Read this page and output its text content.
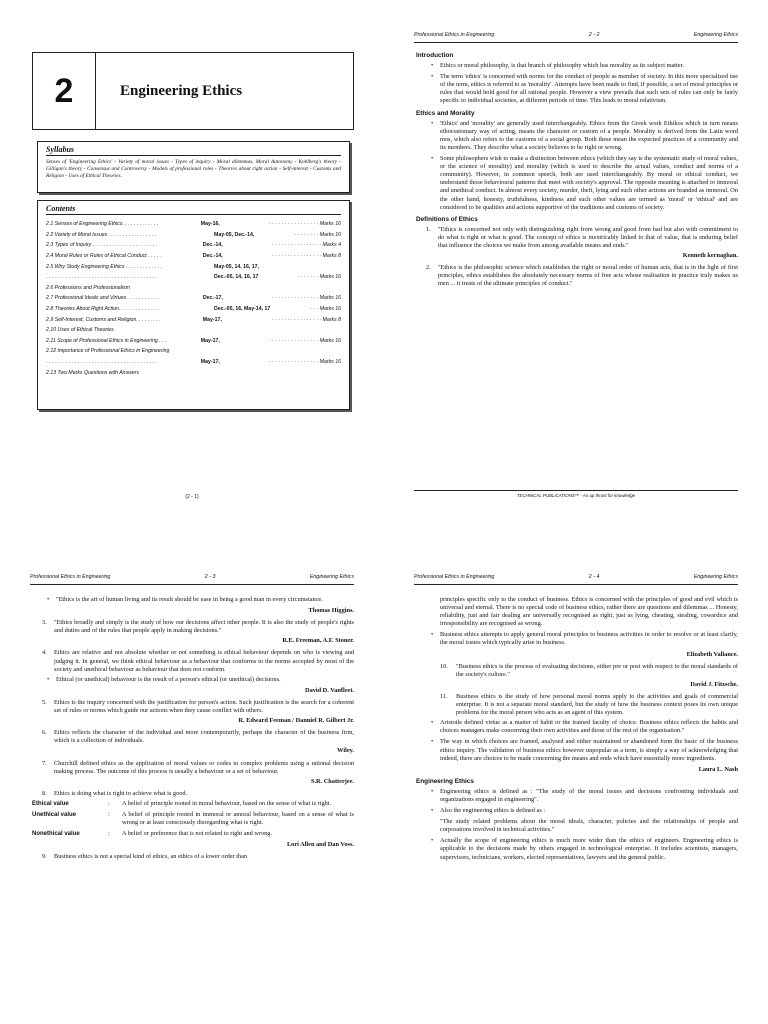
2	Engineering Ethics
Syllabus
Senses of 'Engineering Ethics' - Variety of moral issues - Types of inquiry - Moral dilemmas, Moral Autonomy - Kohlberg's theory - Gilligan's theory - Consensus and Controversy - Models of professional roles - Theories about right action - Self-interest - Customs and Religion - Uses of Ethical Theories.
Contents
2.1 Senses of Engineering Ethics. . . . . . . . . . . . .	May-16,	· · · · · · · · · · · · · · · · Marks 16
2.2 Variety of Moral Issues . . . . . . . . . . . . . . . . .	May-05, Dec.-14,	· · · · · · · · Marks 16
2.3 Types of Inquiry . . . . . . . . . . . . . . . . . . . . . . .	Dec.-14,	· · · · · · · · · · · · · · · · Marks 4
2.4 Moral Rules or Rules of Ethical Conduct . . . . .	Dec.-14,	· · · · · · · · · · · · · · · · Marks 8
2.5 Why Study Engineering Ethics . . . . . . . . . . . . .	May-05, 14, 16, 17,
. . . . . . . . . . . . . . . . . . . . . . . . . . . . . . . . . . . . . . .	Dec.-05, 14, 16, 17	· · · · · · · Marks 16
2.6 Professions and Professionalism
2.7 Professional Ideals and Virtues . . . . . . . . . . . .	Dec.-17,	· · · · · · · · · · · · · · · Marks 16
2.8 Theories About Right Action. . . . . . . . . . . . . . .	Dec.-05, 16, May-14, 17	· · · Marks 16
2.9 Self-Interest, Customs and Religion. . . . . . . . .	May-17,	· · · · · · · · · · · · · · · · Marks 8
2.10 Uses of Ethical Theories
2.11 Scope of Professional Ethics in Engineering . . .	May-17,	· · · · · · · · · · · · · · · · Marks 16
2.12 Importance of Professional Ethics in Engineering
. . . . . . . . . . . . . . . . . . . . . . . . . . . . . . . . . . . . . . .	May-17,	· · · · · · · · · · · · · · · · Marks 16
2.13 Two Marks Questions with Answers
(2 - 1)
Professional Ethics in Engineering	2 - 2	Engineering Ethics
Introduction
• Ethics or moral philosophy, is that branch of philosophy which has morality as its subject matter.
• The term 'ethics' is concerned with norms for the conduct of people as member of society. In this more specialized use of the term, ethics is referred to as 'morality'. Attempts have been made to find, if possible, a set of moral principles or rules that would hold good for all rational people. However a view prevails that such sets of rules can only be fairly specific to individual societies, at different periods of time. This leads to moral relativism.
Ethics and Morality
• 'Ethics' and 'morality' are generally used interchangeably. Ethics from the Greek work Ethikos which in turn means ethocustomary way of acting, means the character or custom of a people. Morality is derived from the Latin word mos, which also refers to the customs of a social group. Both these mean the expected practices of a community and its members. They describe what a society believes to be right or wrong.
• Some philosophers wish to make a distinction between ethics (which they say is the systematic study of moral values, or the science of morality) and morality (which is used to describe the actual values, conduct and norms of a community). However, in common speech, both are used interchangeably. By moral or ethical conduct, we understand those behavioural patterns that meet with society's approval. The opposite meaning is attached to immoral and unethical conduct. In almost every society, murder, theft, lying and such other actions are branded as immoral. On the other hand, honesty, truthfulness, kindness and such other values are termed as 'moral' or 'ethical' and are considered to be qualities and actions supportive of the traditions and customs of society.
Definitions of Ethics
1. "Ethics is concerned not only with distinguishing right from wrong and good from bad but also with commitment to do what is right or what is good. The concept of ethics is inextricably linked to that of value, that is enduring belief that influence the choices we make from among available means and ends."
Kenneth kernaghan.
2. "Ethics is the philosophic science which establishes the right or moral order of human acts, that is in the light of first principles, ethics establishes the absolutely necessary norms of free acts whose realisation in practice truly makes us men ... it treats of the ultimate principles of conduct."
TECHNICAL PUBLICATIONS™ - An up thrust for knowledge
Professional Ethics in Engineering	2 - 3	Engineering Ethics
• "Ethics is the art of human living and its result should be ease in being a good man in every circumstance.
Thomas Higgins.
3. "Ethics broadly and simply is the study of how our decisions affect other people. It is also the study of people's rights and duties and of the rules that people apply in making decisions."
R.E. Freeman, A.F. Stoner.
4. Ethics are relative and not absolute whether or not something is ethical behaviour depends on who is viewing and judging it. In general, we think ethical behaviour as a behaviour that conforms to the norms accepted by most of the society and unethical behaviour as behaviour that does not conform.
• Ethical (or unethical) behaviour is the result of a person's ethical (or unethical) decisions.
David D. Vanfleet.
5. Ethics is the inquiry concerned with the justification for person's action. Such justification is the search for a coherent set of rules or norms which guide our actions when they cause conflict with others.
R. Edward Feeman / Danniel R. Gilbert Jr.
6. Ethics reflects the character of the individual and more contemporarily, perhaps the character of the business firm, which is a collection of individuals.
Wiley.
7. Churchill defined ethics as the application of moral values or codes to complex problems using a rational decision making process. The outcome of this process is usually a behaviour or a set of behaviour.
S.R. Chatterjee.
8. Ethics is doing what is right to achieve what is good.
Ethical value	:	A belief of principle rooted in moral behaviour, based on the sense of what is right.
Unethical value	:	A belief of principle rooted in immoral or amoral behaviour, based on a sense of what is wrong or at least consciously disregarding what is right.
Nonethical value	:	A belief or preference that is not related to right and wrong.
Lori Allen and Dan Voss.
9. Business ethics is not a special kind of ethics, an ethics of a lower order than
Professional Ethics in Engineering	2 - 4	Engineering Ethics
principles specific only to the conduct of business. Ethics is concerned with the principles of good and evil which is universal and eternal. There is no special code of business ethics, rather there are questions and dilemmas ... Honesty, reliability, just and fair dealing are universally recognised as right, just as lying, cheating, stealing, cowardice and irresponsibility are recognised as wrong.
• Business ethics attempts to apply general moral principles to business activities in order to resolve or at least clarify, the moral issues which typically arise in business.
Elizabeth Vallance.
10. "Business ethics is the process of evaluating decisions, either pre or post with respect to the moral standards of the society's culture."
David J. Fitzsche.
11. Business ethics is the study of how personal moral norms apply to the activities and goals of commercial enterprise. It is not a separate moral standard, but the study of how the business context poses its own unique problems for the moral person who acts as an agent of this system.
• Aristotle defined virtue as a matter of habit or the trained faculty of choice. Business ethics reflects the habits and choices managers make concerning their own activities and those of the rest of the organisation."
• The way in which choices are framed, analysed and either maintained or abandoned form the basic of the business ethics inquiry. The validation of business ethics however unpopular as a term, is simply a way of acknowledging that indeed, there are choices to be made concerning the means and ends which have essentially more ingredients.
Laura L. Nash
Engineering Ethics
• Engineering ethics is defined as : "The study of the moral issues and decisions confronting individuals and organizations engaged in engineering".
• Also the engineering ethics is defined as :
"The study related problems about the moral ideals, character, policies and the relationships of people and corporations involved in technical activities."
• Actually the scope of engineering ethics is much more wider than the ethics of engineers. Engineering ethics is applicable to the decisions made by others engaged in technological enterprise. It includes scientists, managers, supervisors, technicians, workers, elected representatives, lawyers and the general public.
